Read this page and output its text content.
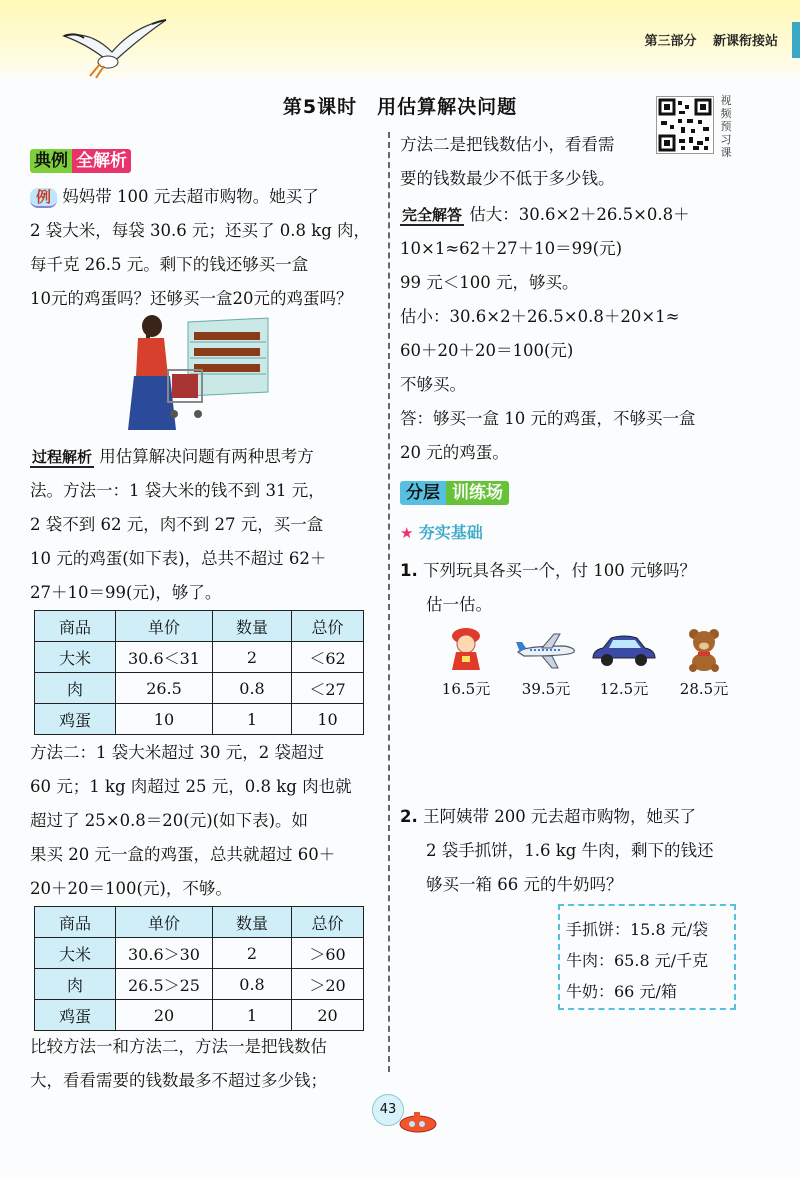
第三部分 新课衔接站
第5课时　用估算解决问题	视频预习课
典例 全解析
例 妈妈带 100 元去超市购物。她买了
2 袋大米，每袋 30.6 元；还买了 0.8 kg 肉，
每千克 26.5 元。剩下的钱还够买一盒
10元的鸡蛋吗？还够买一盒20元的鸡蛋吗？
过程解析 用估算解决问题有两种思考方
法。方法一：1 袋大米的钱不到 31 元，
2 袋不到 62 元，肉不到 27 元，买一盒
10 元的鸡蛋(如下表)，总共不超过 62＋
27＋10＝99(元)，够了。
商品	单价	数量	总价
大米	30.6＜31	2	＜62
肉	26.5	0.8	＜27
鸡蛋	10	1	10
方法二：1 袋大米超过 30 元，2 袋超过
60 元；1 kg 肉超过 25 元，0.8 kg 肉也就
超过了 25×0.8＝20(元)(如下表)。如
果买 20 元一盒的鸡蛋，总共就超过 60＋
20＋20＝100(元)，不够。
商品	单价	数量	总价
大米	30.6＞30	2	＞60
肉	26.5＞25	0.8	＞20
鸡蛋	20	1	20
比较方法一和方法二，方法一是把钱数估
大，看看需要的钱数最多不超过多少钱；
方法二是把钱数估小，看看需
要的钱数最少不低于多少钱。
完全解答 估大：30.6×2＋26.5×0.8＋
10×1≈62＋27＋10＝99(元)
99 元＜100 元，够买。
估小：30.6×2＋26.5×0.8＋20×1≈
60＋20＋20＝100(元)
不够买。
答：够买一盒 10 元的鸡蛋，不够买一盒
20 元的鸡蛋。
分层 训练场
★ 夯实基础
1. 下列玩具各买一个，付 100 元够吗？
估一估。
16.5元	39.5元	12.5元	28.5元
2. 王阿姨带 200 元去超市购物，她买了
2 袋手抓饼，1.6 kg 牛肉，剩下的钱还
够买一箱 66 元的牛奶吗？
手抓饼：15.8 元/袋
牛肉：65.8 元/千克
牛奶：66 元/箱
43
